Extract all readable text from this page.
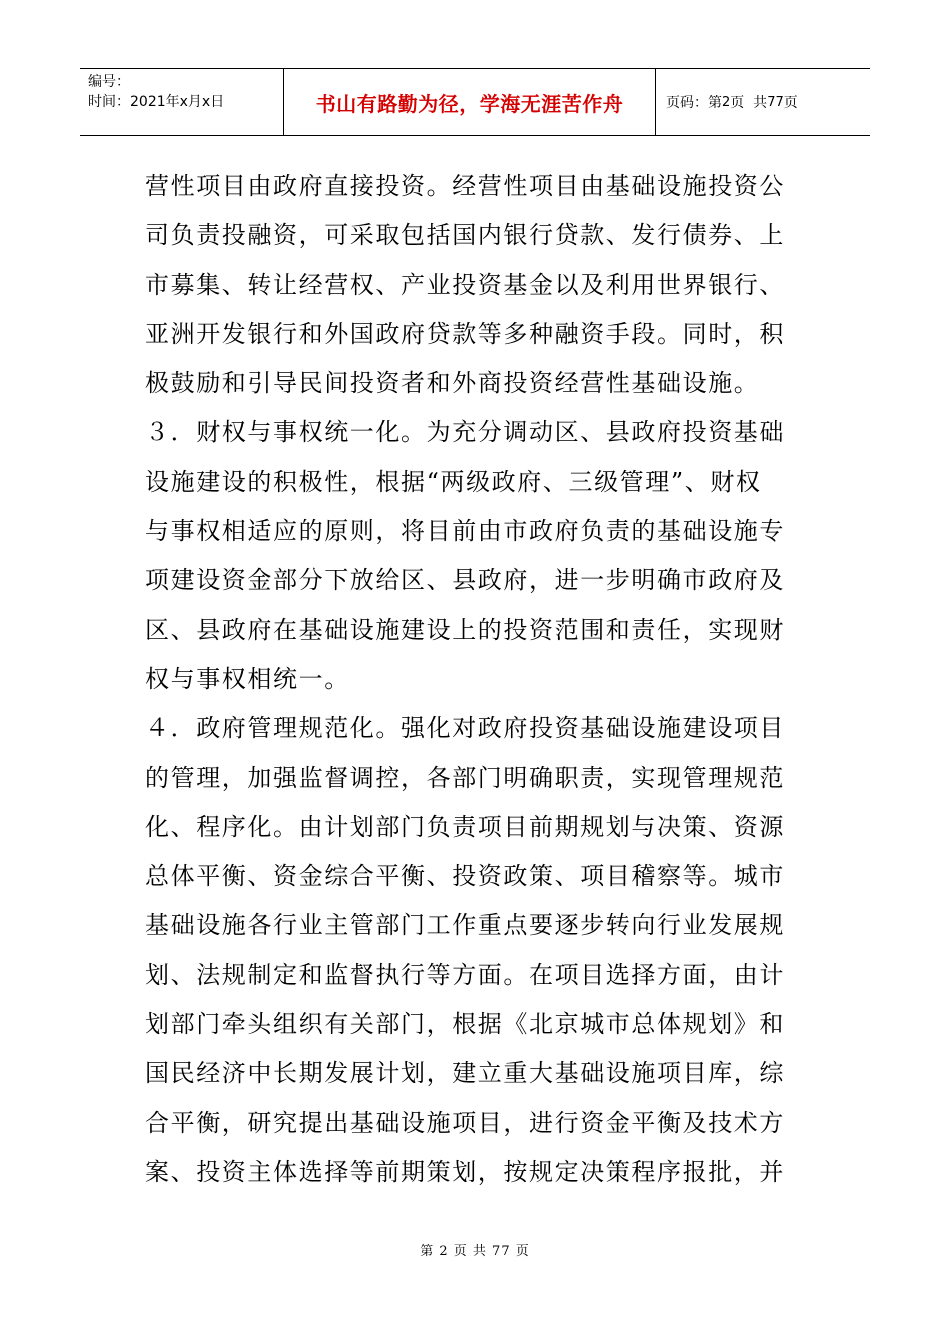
编号：
时间：2021年x月x日	书山有路勤为径，学海无涯苦作舟	页码：第 2 页  共 77 页
营性项目由政府直接投资。经营性项目由基础设施投资公
司负责投融资，可采取包括国内银行贷款、发行债券、上
市募集、转让经营权、产业投资基金以及利用世界银行、
亚洲开发银行和外国政府贷款等多种融资手段。同时，积
极鼓励和引导民间投资者和外商投资经营性基础设施。
３．财权与事权统一化。为充分调动区、县政府投资基础
设施建设的积极性，根据“两级政府、三级管理”、财权
与事权相适应的原则，将目前由市政府负责的基础设施专
项建设资金部分下放给区、县政府，进一步明确市政府及
区、县政府在基础设施建设上的投资范围和责任，实现财
权与事权相统一。
４．政府管理规范化。强化对政府投资基础设施建设项目
的管理，加强监督调控，各部门明确职责，实现管理规范
化、程序化。由计划部门负责项目前期规划与决策、资源
总体平衡、资金综合平衡、投资政策、项目稽察等。城市
基础设施各行业主管部门工作重点要逐步转向行业发展规
划、法规制定和监督执行等方面。在项目选择方面，由计
划部门牵头组织有关部门，根据《北京城市总体规划》和
国民经济中长期发展计划，建立重大基础设施项目库，综
合平衡，研究提出基础设施项目，进行资金平衡及技术方
案、投资主体选择等前期策划，按规定决策程序报批，并
第 2 页 共 77 页
